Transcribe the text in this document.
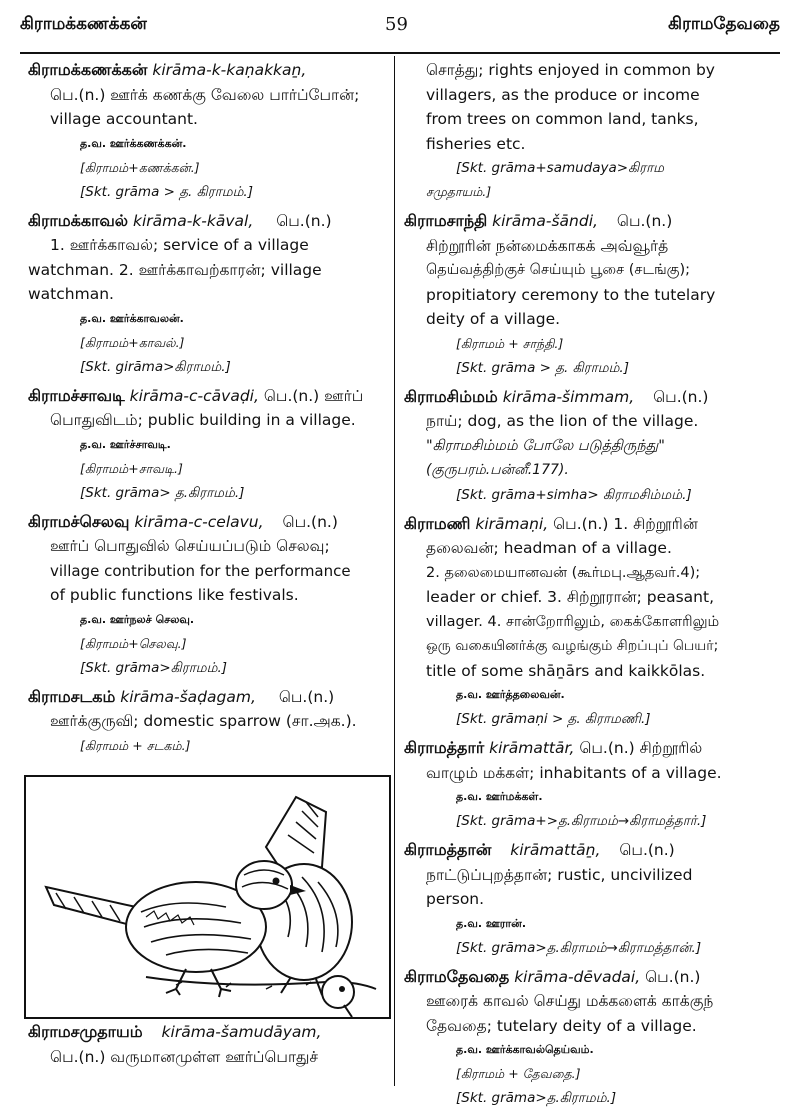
கிராமக்கணக்கன்	59	கிராமதேவதை
கிராமக்கணக்கன் kirāma-k-kaṇakkaṉ,
பெ.(n.) ஊர்க் கணக்கு வேலை பார்ப்போன்;
village accountant.
த.வ. ஊர்க்கணக்கன்.
[கிராமம்+கணக்கன்.]
[Skt. grāma > த. கிராமம்.]
கிராமக்காவல் kirāma-k-kāval, பெ.(n.)
1. ஊர்க்காவல்; service of a village
watchman. 2. ஊர்க்காவற்காரன்; village
watchman.
த.வ. ஊர்க்காவலன்.
[கிராமம்+காவல்.]
[Skt. girāma>கிராமம்.]
கிராமச்சாவடி kirāma-c-cāvaḍi, பெ.(n.) ஊர்ப்
பொதுவிடம்; public building in a village.
த.வ. ஊர்ச்சாவடி.
[கிராமம்+சாவடி.]
[Skt. grāma> த.கிராமம்.]
கிராமச்செலவு kirāma-c-celavu, பெ.(n.)
ஊர்ப் பொதுவில் செய்யப்படும் செலவு;
village contribution for the performance
of public functions like festivals.
த.வ. ஊர்நலச் செலவு.
[கிராமம்+செலவு.]
[Skt. grāma>கிராமம்.]
கிராமசடகம் kirāma-šaḍagam, பெ.(n.)
ஊர்க்குருவி; domestic sparrow (சா.அக.).
[கிராமம் + சடகம்.]
கிராமசமுதாயம் kirāma-šamudāyam,
பெ.(n.) வருமானமுள்ள ஊர்ப்பொதுச்
சொத்து; rights enjoyed in common by
villagers, as the produce or income
from trees on common land, tanks,
fisheries etc.
[Skt. grāma+samudaya>கிராம
சமுதாயம்.]
கிராமசாந்தி kirāma-šāndi, பெ.(n.)
சிற்றூரின் நன்மைக்காகக் அவ்வூர்த்
தெய்வத்திற்குச் செய்யும் பூசை (சடங்கு);
propitiatory ceremony to the tutelary
deity of a village.
[கிராமம் + சாந்தி.]
[Skt. grāma > த. கிராமம்.]
கிராமசிம்மம் kirāma-šimmam, பெ.(n.)
நாய்; dog, as the lion of the village.
"கிராமசிம்மம் போலே படுத்திருந்து"
(குருபரம்.பன்னீ.177).
[Skt. grāma+simha> கிராமசிம்மம்.]
கிராமணி kirāmaṇi, பெ.(n.) 1. சிற்றூரின்
தலைவன்; headman of a village.
2. தலைமையானவன் (கூர்மபு.ஆதவர்.4);
leader or chief. 3. சிற்றூரான்; peasant,
villager. 4. சான்றோரிலும், கைக்கோளரிலும்
ஒரு வகையினர்க்கு வழங்கும் சிறப்புப் பெயர்;
title of some shāṉārs and kaikkōlas.
த.வ. ஊர்த்தலைவன்.
[Skt. grāmaṇi > த. கிராமணி.]
கிராமத்தார் kirāmattār, பெ.(n.) சிற்றூரில்
வாழும் மக்கள்; inhabitants of a village.
த.வ. ஊர்மக்கள்.
[Skt. grāma+>த.கிராமம்→கிராமத்தார்.]
கிராமத்தான் kirāmattāṉ, பெ.(n.)
நாட்டுப்புறத்தான்; rustic, uncivilized
person.
த.வ. ஊரான்.
[Skt. grāma>த.கிராமம்→கிராமத்தான்.]
கிராமதேவதை kirāma-dēvadai, பெ.(n.)
ஊரைக் காவல் செய்து மக்களைக் காக்குந்
தேவதை; tutelary deity of a village.
த.வ. ஊர்க்காவல்தெய்வம்.
[கிராமம் + தேவதை.]
[Skt. grāma>த.கிராமம்.]
